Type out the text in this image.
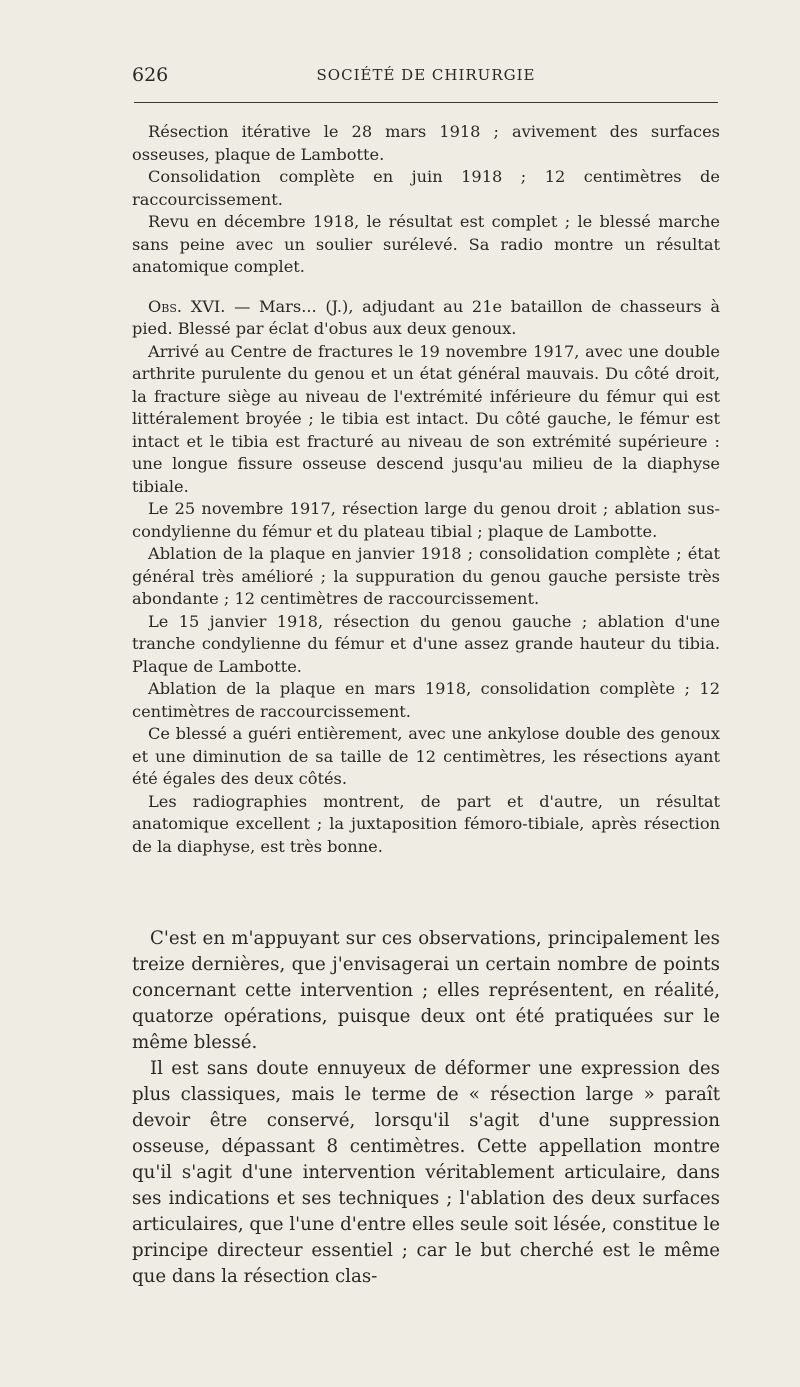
626	SOCIÉTÉ DE CHIRURGIE

Résection itérative le 28 mars 1918 ; avivement des surfaces osseuses, plaque de Lambotte.

Consolidation complète en juin 1918 ; 12 centimètres de raccourcissement.

Revu en décembre 1918, le résultat est complet ; le blessé marche sans peine avec un soulier surélevé. Sa radio montre un résultat anatomique complet.

Obs. XVI. — Mars... (J.), adjudant au 21e bataillon de chasseurs à pied. Blessé par éclat d'obus aux deux genoux.

Arrivé au Centre de fractures le 19 novembre 1917, avec une double arthrite purulente du genou et un état général mauvais. Du côté droit, la fracture siège au niveau de l'extrémité inférieure du fémur qui est littéralement broyée ; le tibia est intact. Du côté gauche, le fémur est intact et le tibia est fracturé au niveau de son extrémité supérieure : une longue fissure osseuse descend jusqu'au milieu de la diaphyse tibiale.

Le 25 novembre 1917, résection large du genou droit ; ablation sus-condylienne du fémur et du plateau tibial ; plaque de Lambotte.

Ablation de la plaque en janvier 1918 ; consolidation complète ; état général très amélioré ; la suppuration du genou gauche persiste très abondante ; 12 centimètres de raccourcissement.

Le 15 janvier 1918, résection du genou gauche ; ablation d'une tranche condylienne du fémur et d'une assez grande hauteur du tibia. Plaque de Lambotte.

Ablation de la plaque en mars 1918, consolidation complète ; 12 centimètres de raccourcissement.

Ce blessé a guéri entièrement, avec une ankylose double des genoux et une diminution de sa taille de 12 centimètres, les résections ayant été égales des deux côtés.

Les radiographies montrent, de part et d'autre, un résultat anatomique excellent ; la juxtaposition fémoro-tibiale, après résection de la diaphyse, est très bonne.

C'est en m'appuyant sur ces observations, principalement les treize dernières, que j'envisagerai un certain nombre de points concernant cette intervention ; elles représentent, en réalité, quatorze opérations, puisque deux ont été pratiquées sur le même blessé.

Il est sans doute ennuyeux de déformer une expression des plus classiques, mais le terme de « résection large » paraît devoir être conservé, lorsqu'il s'agit d'une suppression osseuse, dépassant 8 centimètres. Cette appellation montre qu'il s'agit d'une intervention véritablement articulaire, dans ses indications et ses techniques ; l'ablation des deux surfaces articulaires, que l'une d'entre elles seule soit lésée, constitue le principe directeur essentiel ; car le but cherché est le même que dans la résection clas-
